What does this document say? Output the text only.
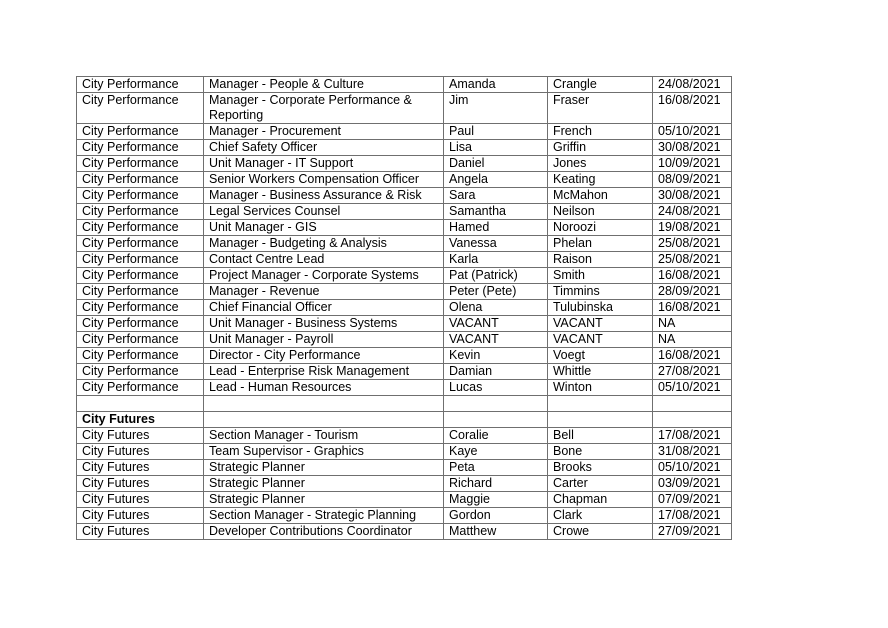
City Performance	Manager - People & Culture	Amanda	Crangle	24/08/2021
City Performance	Manager - Corporate Performance & Reporting	Jim	Fraser	16/08/2021
City Performance	Manager - Procurement	Paul	French	05/10/2021
City Performance	Chief Safety Officer	Lisa	Griffin	30/08/2021
City Performance	Unit Manager - IT Support	Daniel	Jones	10/09/2021
City Performance	Senior Workers Compensation Officer	Angela	Keating	08/09/2021
City Performance	Manager - Business Assurance & Risk	Sara	McMahon	30/08/2021
City Performance	Legal Services Counsel	Samantha	Neilson	24/08/2021
City Performance	Unit Manager - GIS	Hamed	Noroozi	19/08/2021
City Performance	Manager - Budgeting & Analysis	Vanessa	Phelan	25/08/2021
City Performance	Contact Centre Lead	Karla	Raison	25/08/2021
City Performance	Project Manager - Corporate Systems	Pat (Patrick)	Smith	16/08/2021
City Performance	Manager - Revenue	Peter (Pete)	Timmins	28/09/2021
City Performance	Chief Financial Officer	Olena	Tulubinska	16/08/2021
City Performance	Unit Manager - Business Systems	VACANT	VACANT	NA
City Performance	Unit Manager - Payroll	VACANT	VACANT	NA
City Performance	Director - City Performance	Kevin	Voegt	16/08/2021
City Performance	Lead - Enterprise Risk Management	Damian	Whittle	27/08/2021
City Performance	Lead - Human Resources	Lucas	Winton	05/10/2021

City Futures				
City Futures	Section Manager - Tourism	Coralie	Bell	17/08/2021
City Futures	Team Supervisor - Graphics	Kaye	Bone	31/08/2021
City Futures	Strategic Planner	Peta	Brooks	05/10/2021
City Futures	Strategic Planner	Richard	Carter	03/09/2021
City Futures	Strategic Planner	Maggie	Chapman	07/09/2021
City Futures	Section Manager - Strategic Planning	Gordon	Clark	17/08/2021
City Futures	Developer Contributions Coordinator	Matthew	Crowe	27/09/2021
